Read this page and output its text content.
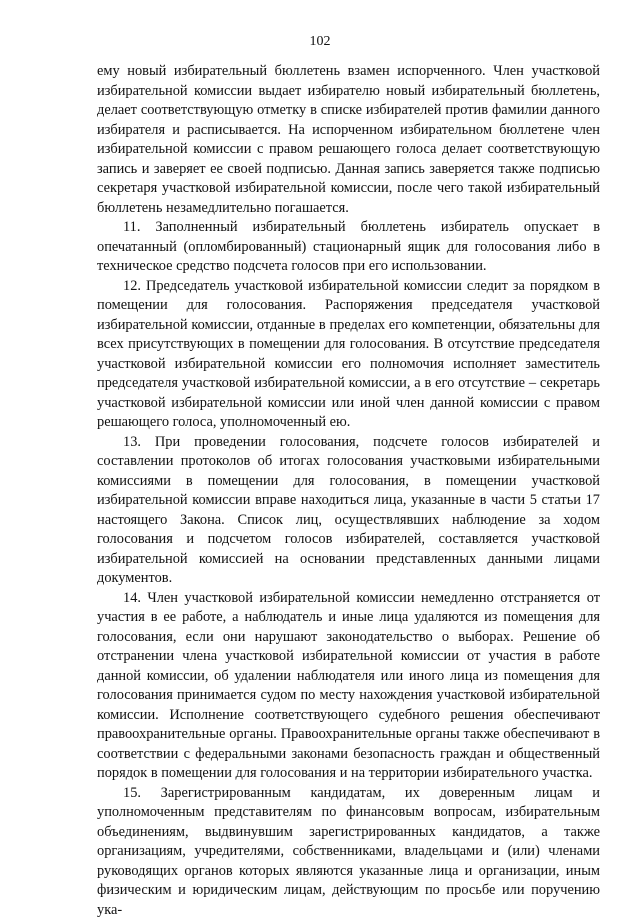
102

ему новый избирательный бюллетень взамен испорченного. Член участковой избирательной комиссии выдает избирателю новый избирательный бюллетень, делает соответствующую отметку в списке избирателей против фамилии данного избирателя и расписывается. На испорченном избирательном бюллетене член избирательной комиссии с правом решающего голоса делает соответствующую запись и заверяет ее своей подписью. Данная запись заверяется также подписью секретаря участковой избирательной комиссии, после чего такой избирательный бюллетень незамедлительно погашается.

11. Заполненный избирательный бюллетень избиратель опускает в опечатанный (опломбированный) стационарный ящик для голосования либо в техническое средство подсчета голосов при его использовании.

12. Председатель участковой избирательной комиссии следит за порядком в помещении для голосования. Распоряжения председателя участковой избирательной комиссии, отданные в пределах его компетенции, обязательны для всех присутствующих в помещении для голосования. В отсутствие председателя участковой избирательной комиссии его полномочия исполняет заместитель председателя участковой избирательной комиссии, а в его отсутствие – секретарь участковой избирательной комиссии или иной член данной комиссии с правом решающего голоса, уполномоченный ею.

13. При проведении голосования, подсчете голосов избирателей и составлении протоколов об итогах голосования участковыми избирательными комиссиями в помещении для голосования, в помещении участковой избирательной комиссии вправе находиться лица, указанные в части 5 статьи 17 настоящего Закона. Список лиц, осуществлявших наблюдение за ходом голосования и подсчетом голосов избирателей, составляется участковой избирательной комиссией на основании представленных данными лицами документов.

14. Член участковой избирательной комиссии немедленно отстраняется от участия в ее работе, а наблюдатель и иные лица удаляются из помещения для голосования, если они нарушают законодательство о выборах. Решение об отстранении члена участковой избирательной комиссии от участия в работе данной комиссии, об удалении наблюдателя или иного лица из помещения для голосования принимается судом по месту нахождения участковой избирательной комиссии. Исполнение соответствующего судебного решения обеспечивают правоохранительные органы. Правоохранительные органы также обеспечивают в соответствии с федеральными законами безопасность граждан и общественный порядок в помещении для голосования и на территории избирательного участка.

15. Зарегистрированным кандидатам, их доверенным лицам и уполномоченным представителям по финансовым вопросам, избирательным объединениям, выдвинувшим зарегистрированных кандидатов, а также организациям, учредителями, собственниками, владельцами и (или) членами руководящих органов которых являются указанные лица и организации, иным физическим и юридическим лицам, действующим по просьбе или поручению ука-
